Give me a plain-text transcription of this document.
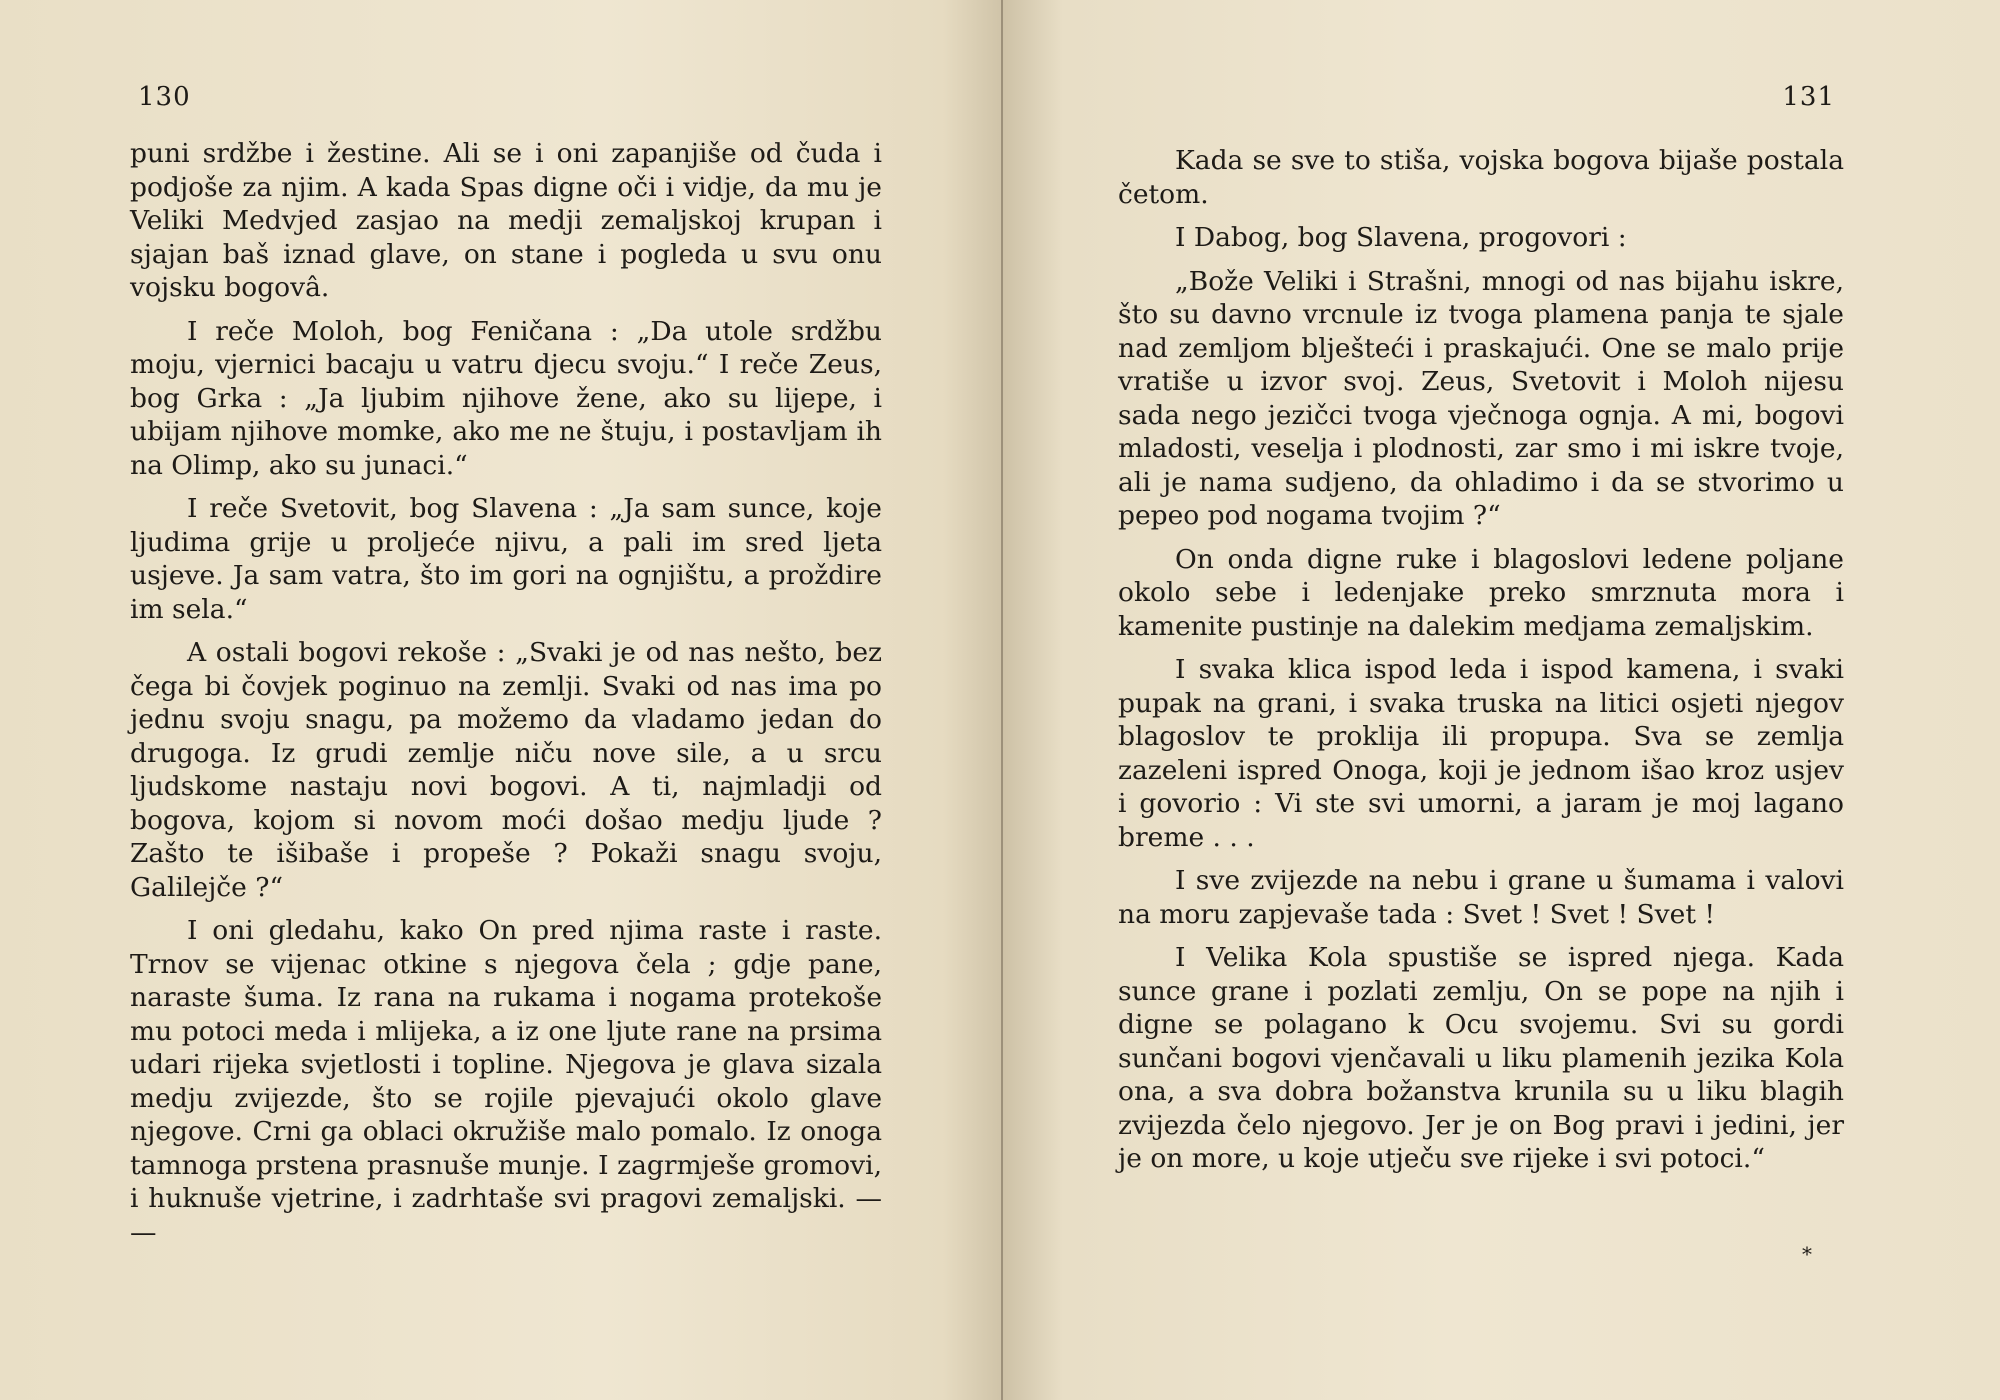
130

puni srdžbe i žestine. Ali se i oni zapanjiše od čuda i podjoše za njim. A kada Spas digne oči i vidje, da mu je Veliki Medvjed zasjao na medji zemaljskoj krupan i sjajan baš iznad glave, on stane i pogleda u svu onu vojsku bogovâ.

I reče Moloh, bog Feničana : „Da utole srdžbu moju, vjernici bacaju u vatru djecu svoju.“ I reče Zeus, bog Grka : „Ja ljubim njihove žene, ako su lijepe, i ubijam njihove momke, ako me ne štuju, i postavljam ih na Olimp, ako su junaci.“

I reče Svetovit, bog Slavena : „Ja sam sunce, koje ljudima grije u proljeće njivu, a pali im sred ljeta usjeve. Ja sam vatra, što im gori na ognjištu, a proždire im sela.“

A ostali bogovi rekoše : „Svaki je od nas nešto, bez čega bi čovjek poginuo na zemlji. Svaki od nas ima po jednu svoju snagu, pa možemo da vladamo jedan do drugoga. Iz grudi zemlje niču nove sile, a u srcu ljudskome nastaju novi bogovi. A ti, najmladji od bogova, kojom si novom moći došao medju ljude ? Zašto te išibaše i propeše ? Pokaži snagu svoju, Galilejče ?“

I oni gledahu, kako On pred njima raste i raste. Trnov se vijenac otkine s njegova čela ; gdje pane, naraste šuma. Iz rana na rukama i nogama protekoše mu potoci meda i mlijeka, a iz one ljute rane na prsima udari rijeka svjetlosti i topline. Njegova je glava sizala medju zvijezde, što se rojile pjevajući okolo glave njegove. Crni ga oblaci okružiše malo pomalo. Iz onoga tamnoga prstena prasnuše munje. I zagrmješe gromovi, i huknuše vjetrine, i zadrhtaše svi pragovi zemaljski. — —

131

Kada se sve to stiša, vojska bogova bijaše postala četom.

I Dabog, bog Slavena, progovori :

„Bože Veliki i Strašni, mnogi od nas bijahu iskre, što su davno vrcnule iz tvoga plamena panja te sjale nad zemljom blješteći i praskajući. One se malo prije vratiše u izvor svoj. Zeus, Svetovit i Moloh nijesu sada nego jezičci tvoga vječnoga ognja. A mi, bogovi mladosti, veselja i plodnosti, zar smo i mi iskre tvoje, ali je nama sudjeno, da ohladimo i da se stvorimo u pepeo pod nogama tvojim ?“

On onda digne ruke i blagoslovi ledene poljane okolo sebe i ledenjake preko smrznuta mora i kamenite pustinje na dalekim medjama zemaljskim.

I svaka klica ispod leda i ispod kamena, i svaki pupak na grani, i svaka truska na litici osjeti njegov blagoslov te proklija ili propupa. Sva se zemlja zazeleni ispred Onoga, koji je jednom išao kroz usjev i govorio : Vi ste svi umorni, a jaram je moj lagano breme . . .

I sve zvijezde na nebu i grane u šumama i valovi na moru zapjevaše tada : Svet ! Svet ! Svet !

I Velika Kola spustiše se ispred njega. Kada sunce grane i pozlati zemlju, On se pope na njih i digne se polagano k Ocu svojemu. Svi su gordi sunčani bogovi vjenčavali u liku plamenih jezika Kola ona, a sva dobra božanstva krunila su u liku blagih zvijezda čelo njegovo. Jer je on Bog pravi i jedini, jer je on more, u koje utječu sve rijeke i svi potoci.“

*
